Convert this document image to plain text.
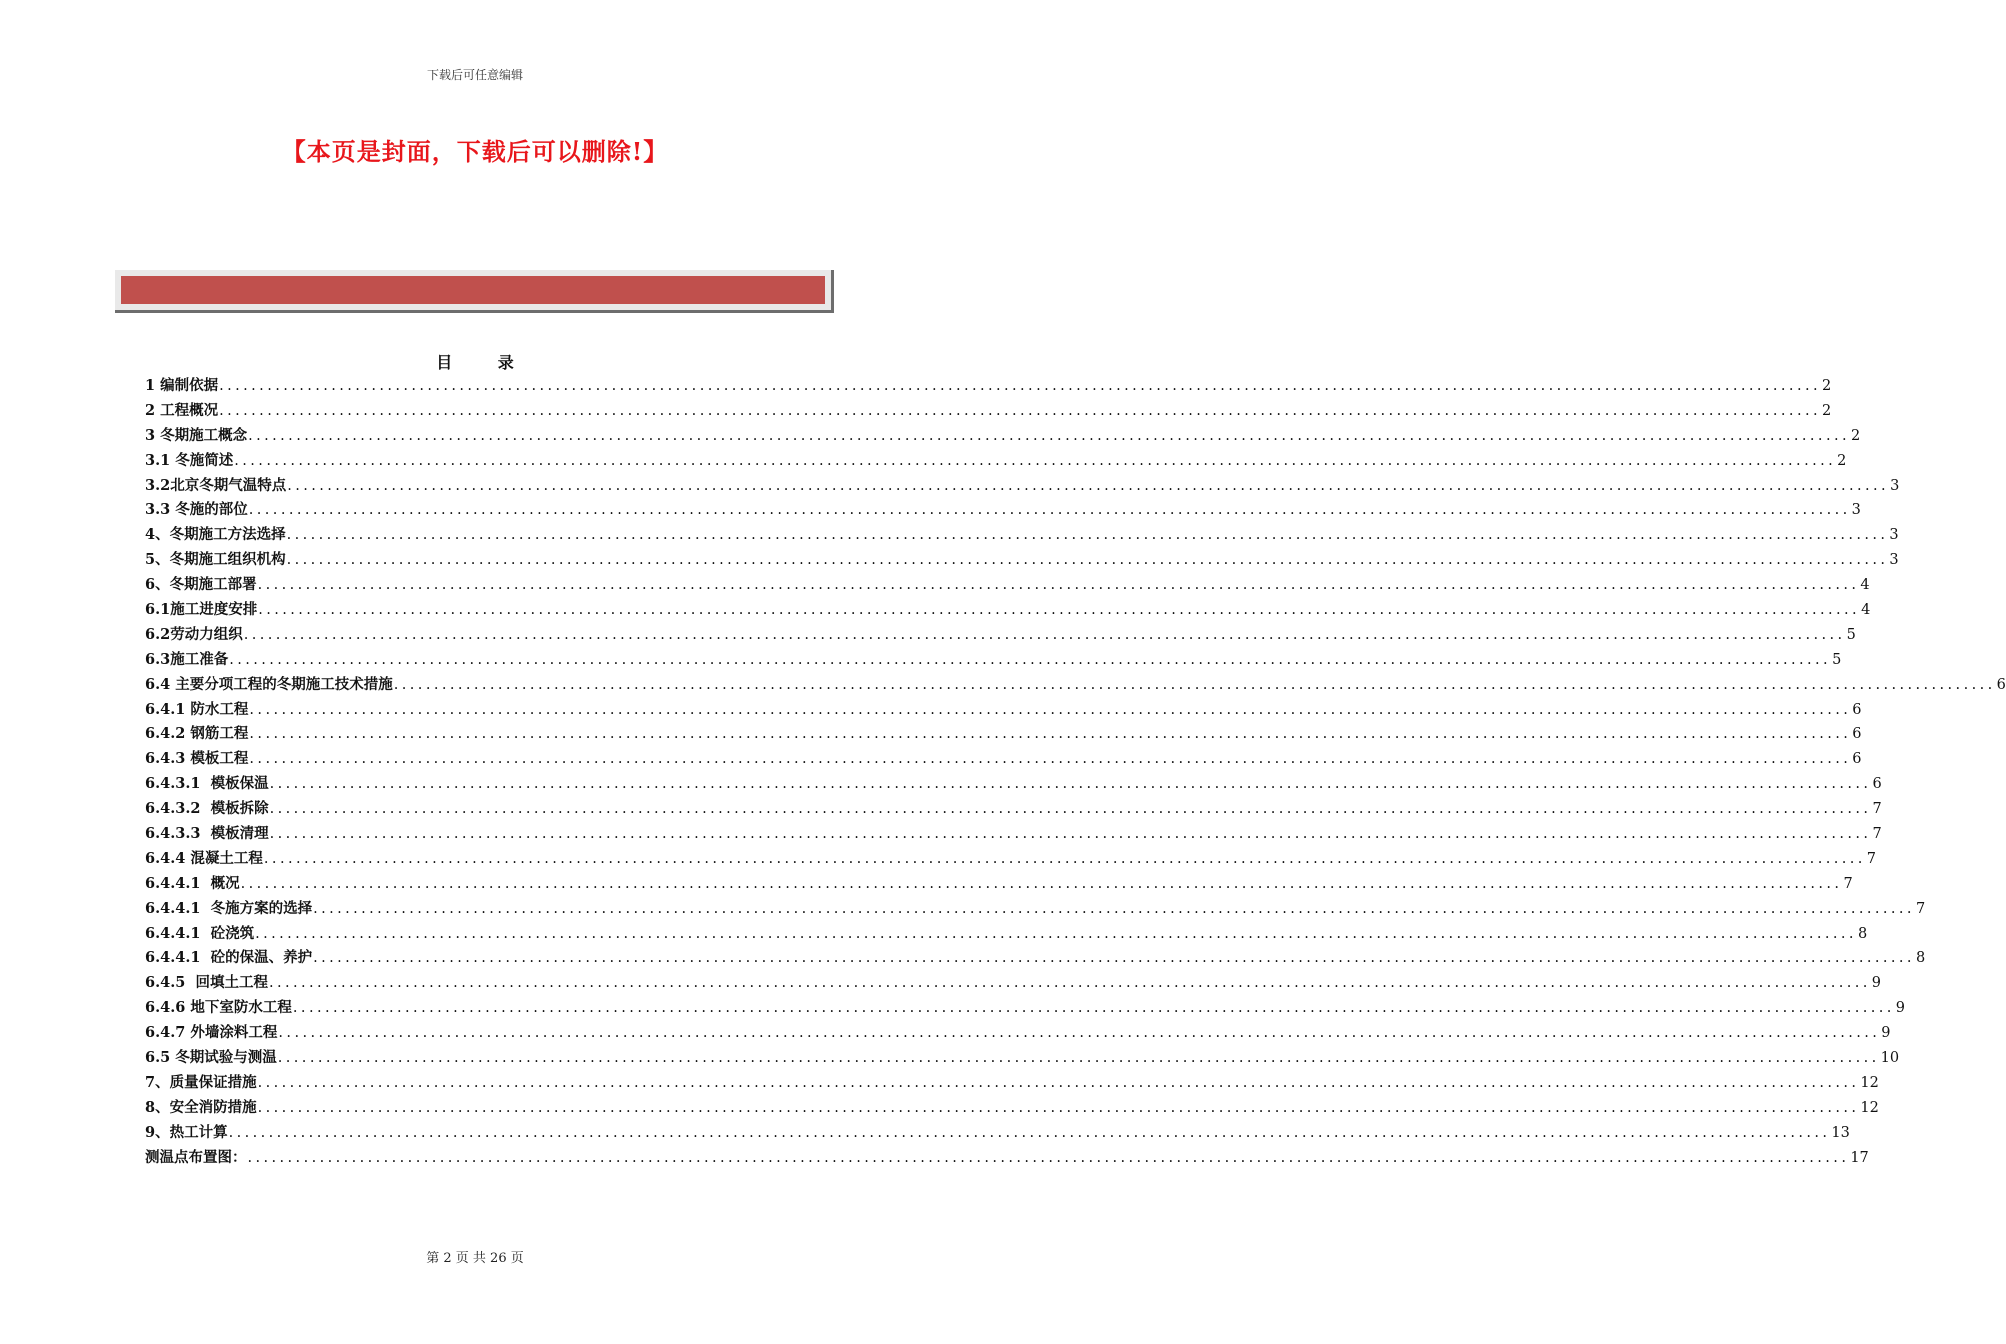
下载后可任意编辑
【本页是封面，下载后可以删除!】
目 录
1 编制依据 ........................................................................................................................................................................................................ 2
2 工程概况 ........................................................................................................................................................................................................ 2
3 冬期施工概念 ........................................................................................................................................................................................................ 2
3.1 冬施简述 ........................................................................................................................................................................................................ 2
3.2北京冬期气温特点 ........................................................................................................................................................................................................ 3
3.3 冬施的部位 ........................................................................................................................................................................................................ 3
4、冬期施工方法选择 ........................................................................................................................................................................................................ 3
5、冬期施工组织机构 ........................................................................................................................................................................................................ 3
6、冬期施工部署 ........................................................................................................................................................................................................ 4
6.1施工进度安排 ........................................................................................................................................................................................................ 4
6.2劳动力组织 ........................................................................................................................................................................................................ 5
6.3施工准备 ........................................................................................................................................................................................................ 5
6.4 主要分项工程的冬期施工技术措施 ........................................................................................................................................................................................................ 6
6.4.1 防水工程 ........................................................................................................................................................................................................ 6
6.4.2 钢筋工程 ........................................................................................................................................................................................................ 6
6.4.3 模板工程 ........................................................................................................................................................................................................ 6
6.4.3.1  模板保温 ........................................................................................................................................................................................................ 6
6.4.3.2  模板拆除 ........................................................................................................................................................................................................ 7
6.4.3.3  模板清理 ........................................................................................................................................................................................................ 7
6.4.4 混凝土工程 ........................................................................................................................................................................................................ 7
6.4.4.1  概况 ........................................................................................................................................................................................................ 7
6.4.4.1  冬施方案的选择 ........................................................................................................................................................................................................ 7
6.4.4.1  砼浇筑 ........................................................................................................................................................................................................ 8
6.4.4.1  砼的保温、养护 ........................................................................................................................................................................................................ 8
6.4.5  回填土工程 ........................................................................................................................................................................................................ 9
6.4.6 地下室防水工程 ........................................................................................................................................................................................................ 9
6.4.7 外墙涂料工程 ........................................................................................................................................................................................................ 9
6.5 冬期试验与测温 ........................................................................................................................................................................................................ 10
7、质量保证措施 ........................................................................................................................................................................................................ 12
8、安全消防措施 ........................................................................................................................................................................................................ 12
9、热工计算 ........................................................................................................................................................................................................ 13
测温点布置图： ........................................................................................................................................................................................................ 17
第 2 页 共 26 页
